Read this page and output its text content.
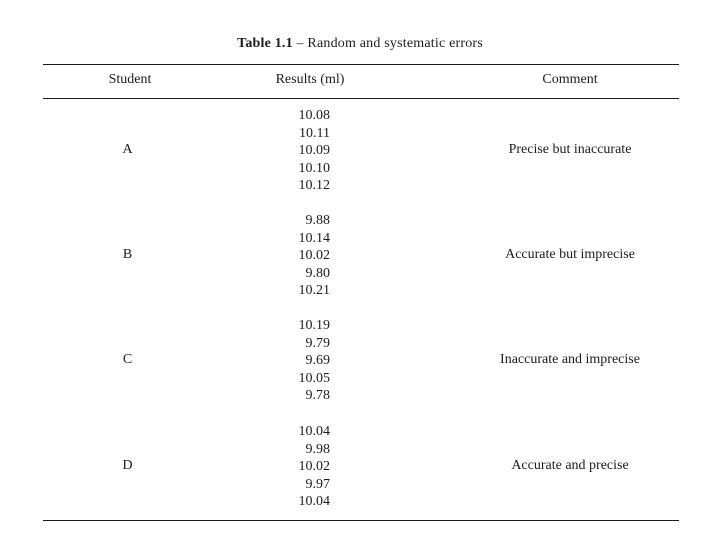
Table 1.1 – Random and systematic errors
Student	Results (ml)	Comment
A
10.08
10.11
10.09
10.10
10.12
Precise but inaccurate
B
9.88
10.14
10.02
9.80
10.21
Accurate but imprecise
C
10.19
9.79
9.69
10.05
9.78
Inaccurate and imprecise
D
10.04
9.98
10.02
9.97
10.04
Accurate and precise
